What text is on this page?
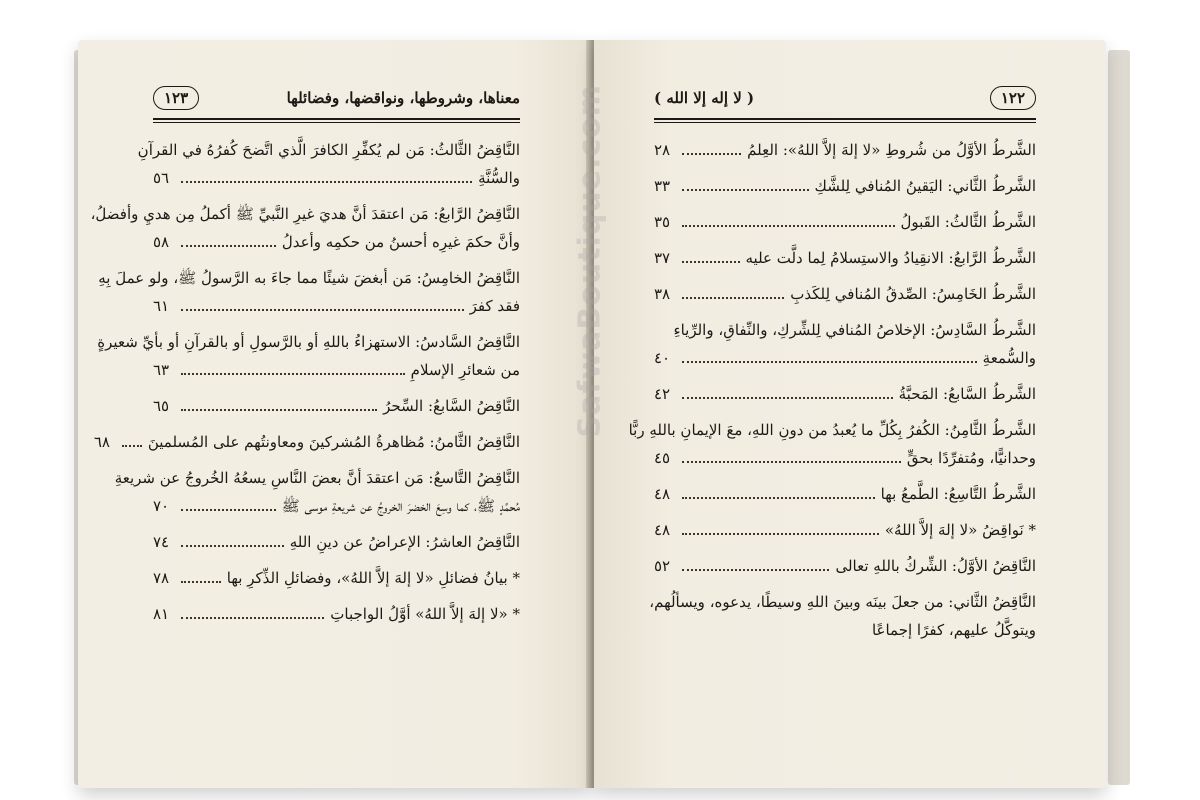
معناها، وشروطها، ونواقضها، وفضائلها
١٢٣
النَّاقِضُ الثَّالثُ: مَن لم يُكفِّرِ الكافرَ الَّذي اتَّضحَ كُفرُهُ في القرآنِ
والسُّنَّةِ
٥٦
النَّاقِضُ الرَّابعُ: مَن اعتقدَ أنَّ هديَ غيرِ النَّبيِّ ﷺ أكملُ مِن هديِ وأفضلُ،
وأنَّ حكمَ غيرِه أحسنُ من حكمِه وأعدلُ
٥٨
النَّاقِضُ الخامِسُ: مَن أبغضَ شيئًا مما جاءَ به الرَّسولُ ﷺ، ولو عملَ بِهِ
فقد كفرَ
٦١
النَّاقِضُ السَّادسُ: الاستهزاءُ باللهِ أو بالرَّسولِ أو بالقرآنِ أو بأيِّ شعيرةٍ
من شعائرِ الإسلامِ
٦٣
النَّاقِضُ السَّابعُ: السِّحرُ
٦٥
النَّاقِضُ الثَّامنُ: مُظاهرةُ المُشركينَ ومعاونتُهم على المُسلمينَ
٦٨
النَّاقِضُ التَّاسعُ: مَن اعتقدَ أنَّ بعضَ النَّاسِ يسعُهُ الخُروجُ عن شريعةِ
مُحمَّدٍ ﷺ، كما وسِعَ الخضرَ الخروجُ عن شريعةِ موسى ﷺ
٧٠
النَّاقِضُ العاشرُ: الإعراضُ عن دينِ اللهِ
٧٤
* بيانُ فضائلِ «لا إلهَ إلاَّ اللهُ»، وفضائلِ الذِّكرِ بها
٧٨
* «لا إلهَ إلاَّ اللهُ» أوَّلُ الواجباتِ
٨١
١٢٢
( لا إله إلا الله )
الشَّرطُ الأوَّلُ من شُروطِ «لا إلهَ إلاَّ اللهُ»: العِلمُ
٢٨
الشَّرطُ الثَّاني: اليَقينُ المُنافي لِلشَّكِ
٣٣
الشَّرطُ الثَّالثُ: القَبولُ
٣٥
الشَّرطُ الرَّابعُ: الانقِيادُ والاستِسلامُ لِما دلَّت عليه
٣٧
الشَّرطُ الخَامِسُ: الصِّدقُ المُنافي لِلكَذبِ
٣٨
الشَّرطُ السَّادِسُ: الإخلاصُ المُنافي لِلشِّركِ، والنِّفاقِ، والرِّياءِ
والسُّمعةِ
٤٠
الشَّرطُ السَّابعُ: المَحبَّةُ
٤٢
الشَّرطُ الثَّامِنُ: الكُفرُ بِكُلِّ ما يُعبدُ من دونِ اللهِ، معَ الإيمانِ باللهِ ربًّا
وحدانيًّا، ومُتفرِّدًا بحقٍّ
٤٥
الشَّرطُ التَّاسِعُ: الطَّمعُ بها
٤٨
* نَواقِضُ «لا إلهَ إلاَّ اللهُ»
٤٨
النَّاقِضُ الأوَّلُ: الشِّركُ باللهِ تعالى
٥٢
النَّاقِضُ الثَّاني: من جعلَ بينَه وبينَ اللهِ وسيطًا، يدعوه، ويسألُهم،
ويتوكَّلُ عليهم، كفرًا إجماعًا
SafwaBoutique.com
